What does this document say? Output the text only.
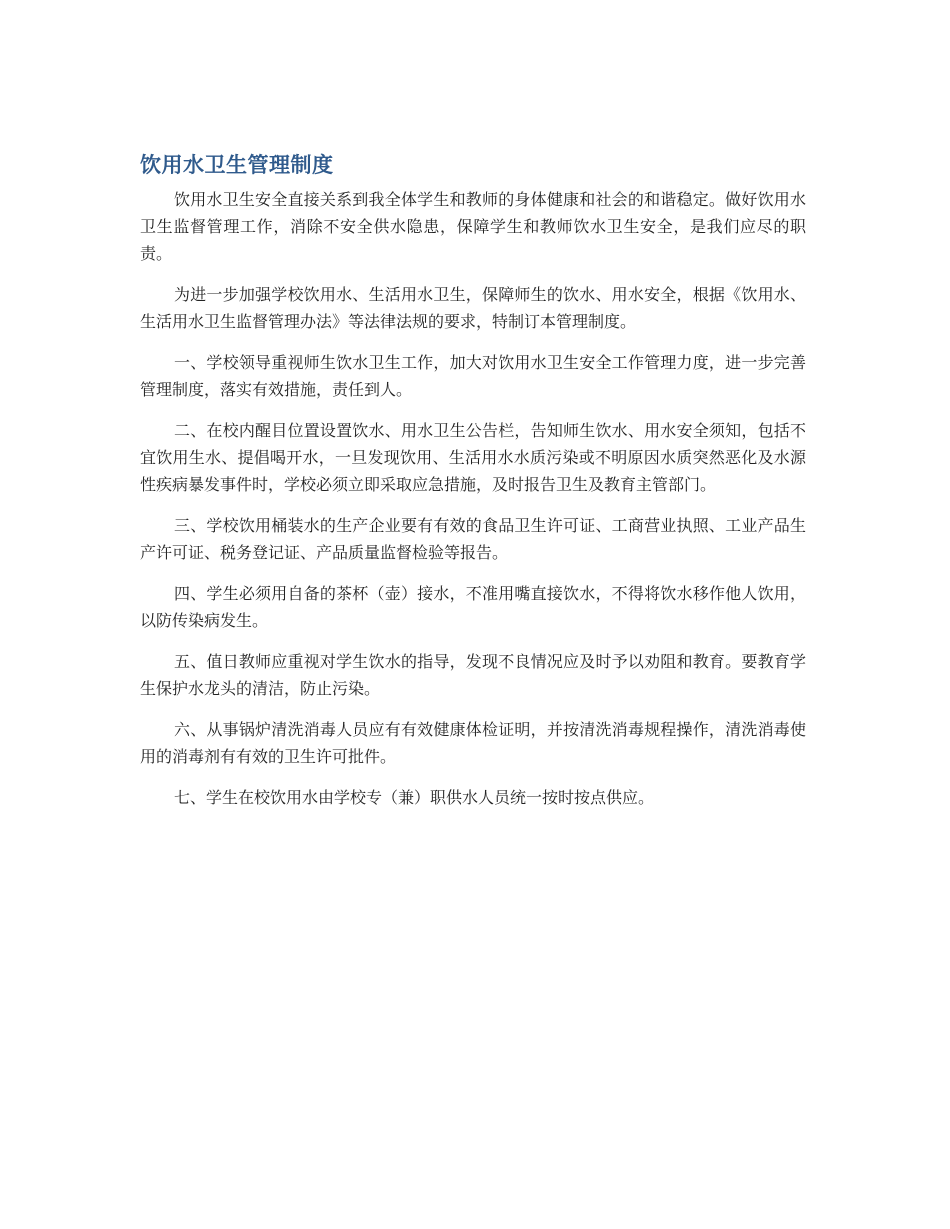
饮用水卫生管理制度

饮用水卫生安全直接关系到我全体学生和教师的身体健康和社会的和谐稳定。做好饮用水卫生监督管理工作，消除不安全供水隐患，保障学生和教师饮水卫生安全，是我们应尽的职责。

为进一步加强学校饮用水、生活用水卫生，保障师生的饮水、用水安全，根据《饮用水、生活用水卫生监督管理办法》等法律法规的要求，特制订本管理制度。

一、学校领导重视师生饮水卫生工作，加大对饮用水卫生安全工作管理力度，进一步完善管理制度，落实有效措施，责任到人。

二、在校内醒目位置设置饮水、用水卫生公告栏，告知师生饮水、用水安全须知，包括不宜饮用生水、提倡喝开水，一旦发现饮用、生活用水水质污染或不明原因水质突然恶化及水源性疾病暴发事件时，学校必须立即采取应急措施，及时报告卫生及教育主管部门。

三、学校饮用桶装水的生产企业要有有效的食品卫生许可证、工商营业执照、工业产品生产许可证、税务登记证、产品质量监督检验等报告。

四、学生必须用自备的茶杯（壶）接水，不准用嘴直接饮水，不得将饮水移作他人饮用，以防传染病发生。

五、值日教师应重视对学生饮水的指导，发现不良情况应及时予以劝阻和教育。要教育学生保护水龙头的清洁，防止污染。

六、从事锅炉清洗消毒人员应有有效健康体检证明，并按清洗消毒规程操作，清洗消毒使用的消毒剂有有效的卫生许可批件。

七、学生在校饮用水由学校专（兼）职供水人员统一按时按点供应。
